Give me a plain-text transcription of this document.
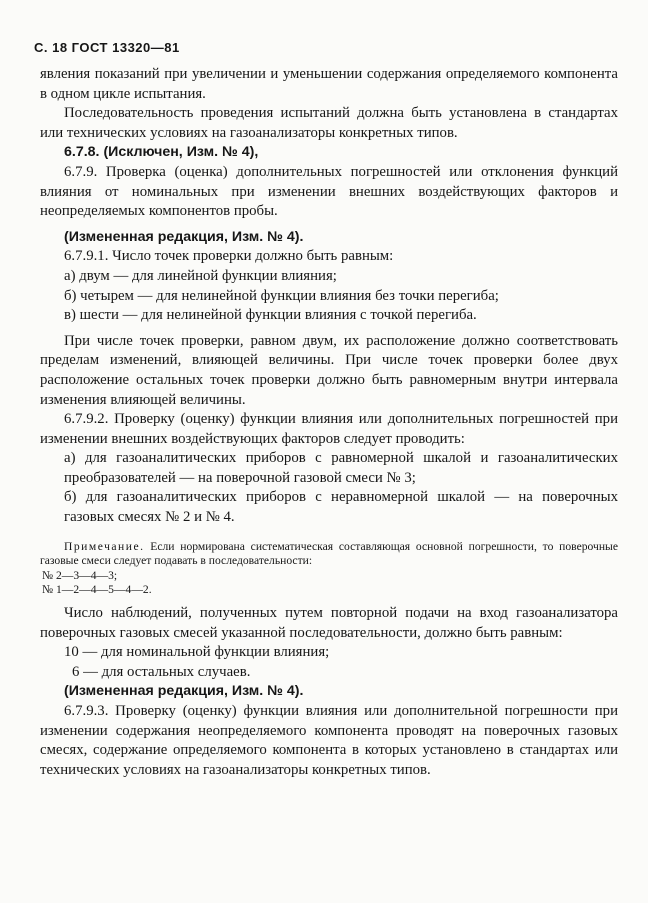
С. 18 ГОСТ 13320—81

явления показаний при увеличении и уменьшении содержания определяемого компонента в одном цикле испытания.

Последовательность проведения испытаний должна быть установлена в стандартах или технических условиях на газоанализаторы конкретных типов.

6.7.8. (Исключен, Изм. № 4),

6.7.9. Проверка (оценка) дополнительных погрешностей или отклонения функций влияния от номинальных при изменении внешних воздействующих факторов и неопределяемых компонентов пробы.

(Измененная редакция, Изм. № 4).

6.7.9.1. Число точек проверки должно быть равным:

а) двум — для линейной функции влияния;

б) четырем — для нелинейной функции влияния без точки перегиба;

в) шести — для нелинейной функции влияния с точкой перегиба.

При числе точек проверки, равном двум, их расположение должно соответствовать пределам изменений, влияющей величины. При числе точек проверки более двух расположение остальных точек проверки должно быть равномерным внутри интервала изменения влияющей величины.

6.7.9.2. Проверку (оценку) функции влияния или дополнительных погрешностей при изменении внешних воздействующих факторов следует проводить:

а) для газоаналитических приборов с равномерной шкалой и газоаналитических преобразователей — на поверочной газовой смеси № 3;

б) для газоаналитических приборов с неравномерной шкалой — на поверочных газовых смесях № 2 и № 4.

Примечание. Если нормирована систематическая составляющая основной погрешности, то поверочные газовые смеси следует подавать в последовательности:

№ 2—3—4—3;

№ 1—2—4—5—4—2.

Число наблюдений, полученных путем повторной подачи на вход газоанализатора поверочных газовых смесей указанной последовательности, должно быть равным:

10 — для номинальной функции влияния;

6 — для остальных случаев.

(Измененная редакция, Изм. № 4).

6.7.9.3. Проверку (оценку) функции влияния или дополнительной погрешности при изменении содержания неопределяемого компонента проводят на поверочных газовых смесях, содержание определяемого компонента в которых установлено в стандартах или технических условиях на газоанализаторы конкретных типов.
